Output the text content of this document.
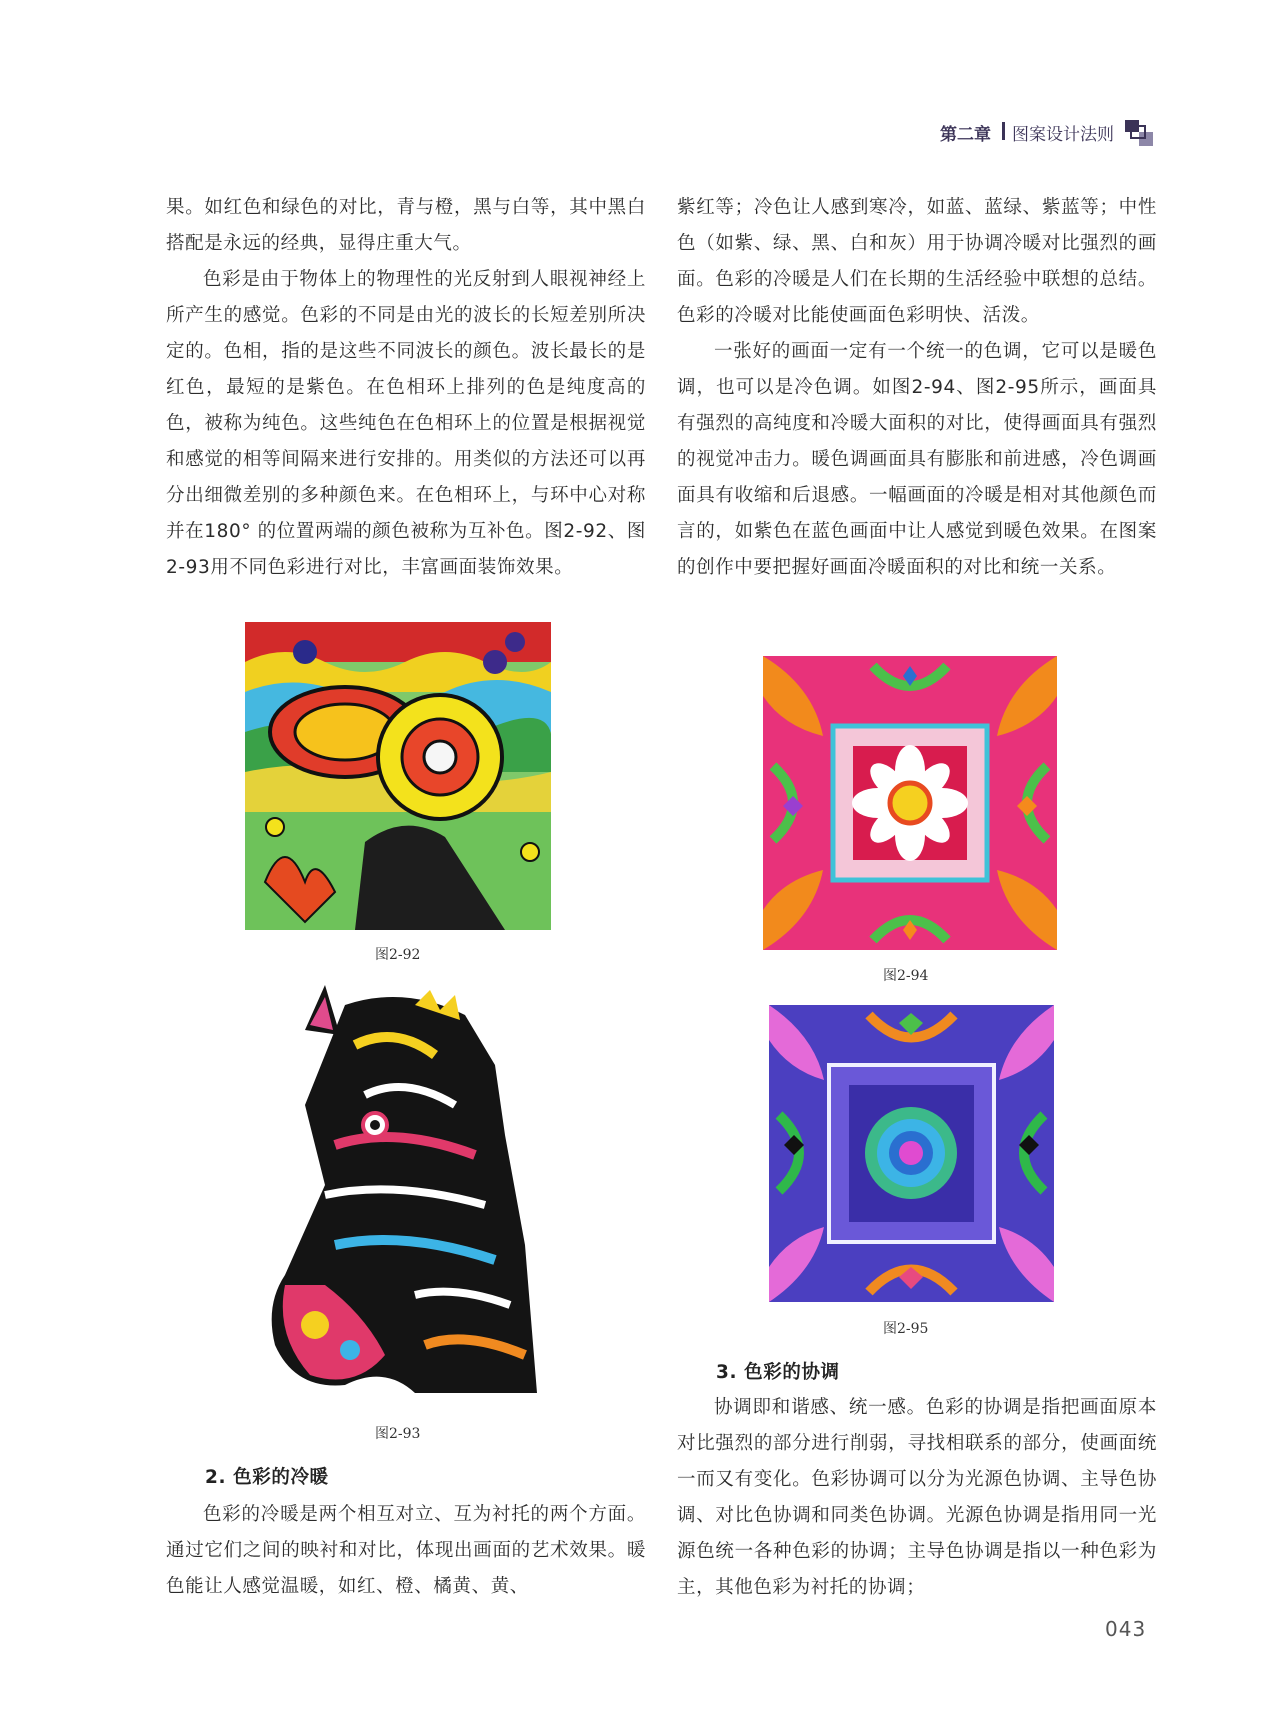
第二章 图案设计法则

果。如红色和绿色的对比，青与橙，黑与白等，其中黑白搭配是永远的经典，显得庄重大气。

色彩是由于物体上的物理性的光反射到人眼视神经上所产生的感觉。色彩的不同是由光的波长的长短差别所决定的。色相，指的是这些不同波长的颜色。波长最长的是红色，最短的是紫色。在色相环上排列的色是纯度高的色，被称为纯色。这些纯色在色相环上的位置是根据视觉和感觉的相等间隔来进行安排的。用类似的方法还可以再分出细微差别的多种颜色来。在色相环上，与环中心对称并在180° 的位置两端的颜色被称为互补色。图2-92、图2-93用不同色彩进行对比，丰富画面装饰效果。

图2-92
图2-93
2. 色彩的冷暖

色彩的冷暖是两个相互对立、互为衬托的两个方面。通过它们之间的映衬和对比，体现出画面的艺术效果。暖色能让人感觉温暖，如红、橙、橘黄、黄、

紫红等；冷色让人感到寒冷，如蓝、蓝绿、紫蓝等；中性色（如紫、绿、黑、白和灰）用于协调冷暖对比强烈的画面。色彩的冷暖是人们在长期的生活经验中联想的总结。色彩的冷暖对比能使画面色彩明快、活泼。

一张好的画面一定有一个统一的色调，它可以是暖色调，也可以是冷色调。如图2-94、图2-95所示，画面具有强烈的高纯度和冷暖大面积的对比，使得画面具有强烈的视觉冲击力。暖色调画面具有膨胀和前进感，冷色调画面具有收缩和后退感。一幅画面的冷暖是相对其他颜色而言的，如紫色在蓝色画面中让人感觉到暖色效果。在图案的创作中要把握好画面冷暖面积的对比和统一关系。

图2-94
图2-95
3. 色彩的协调

协调即和谐感、统一感。色彩的协调是指把画面原本对比强烈的部分进行削弱，寻找相联系的部分，使画面统一而又有变化。色彩协调可以分为光源色协调、主导色协调、对比色协调和同类色协调。光源色协调是指用同一光源色统一各种色彩的协调；主导色协调是指以一种色彩为主，其他色彩为衬托的协调；

043
